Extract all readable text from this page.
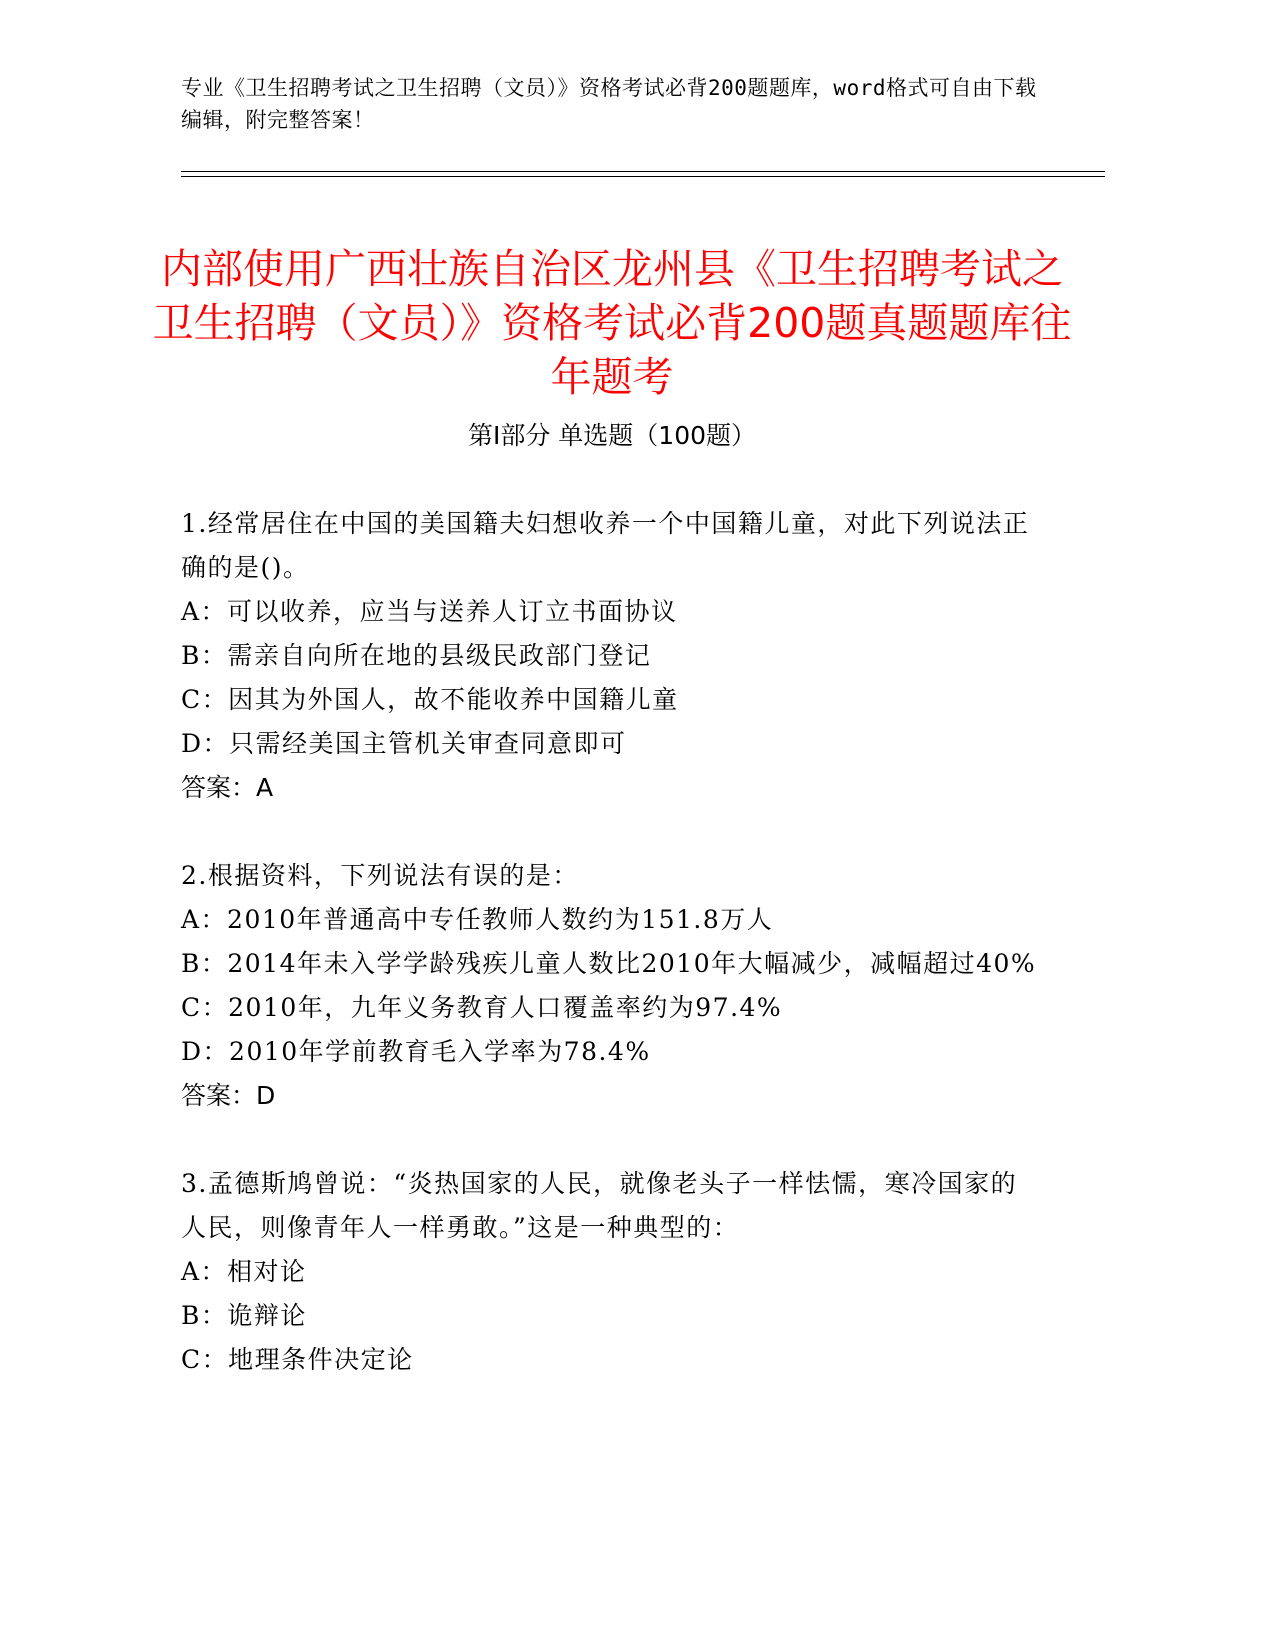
专业《卫生招聘考试之卫生招聘（文员）》资格考试必背200题题库，word格式可自由下载编辑，附完整答案！
内部使用广西壮族自治区龙州县《卫生招聘考试之卫生招聘（文员）》资格考试必背200题真题题库往年题考
第I部分 单选题（100题）
1.经常居住在中国的美国籍夫妇想收养一个中国籍儿童，对此下列说法正确的是()。
A：可以收养，应当与送养人订立书面协议
B：需亲自向所在地的县级民政部门登记
C：因其为外国人，故不能收养中国籍儿童
D：只需经美国主管机关审查同意即可
答案：A
2.根据资料，下列说法有误的是：
A：2010年普通高中专任教师人数约为151.8万人
B：2014年未入学学龄残疾儿童人数比2010年大幅减少，减幅超过40%
C：2010年，九年义务教育人口覆盖率约为97.4%
D：2010年学前教育毛入学率为78.4%
答案：D
3.孟德斯鸠曾说：“炎热国家的人民，就像老头子一样怯懦，寒冷国家的人民，则像青年人一样勇敢。”这是一种典型的：
A：相对论
B：诡辩论
C：地理条件决定论
